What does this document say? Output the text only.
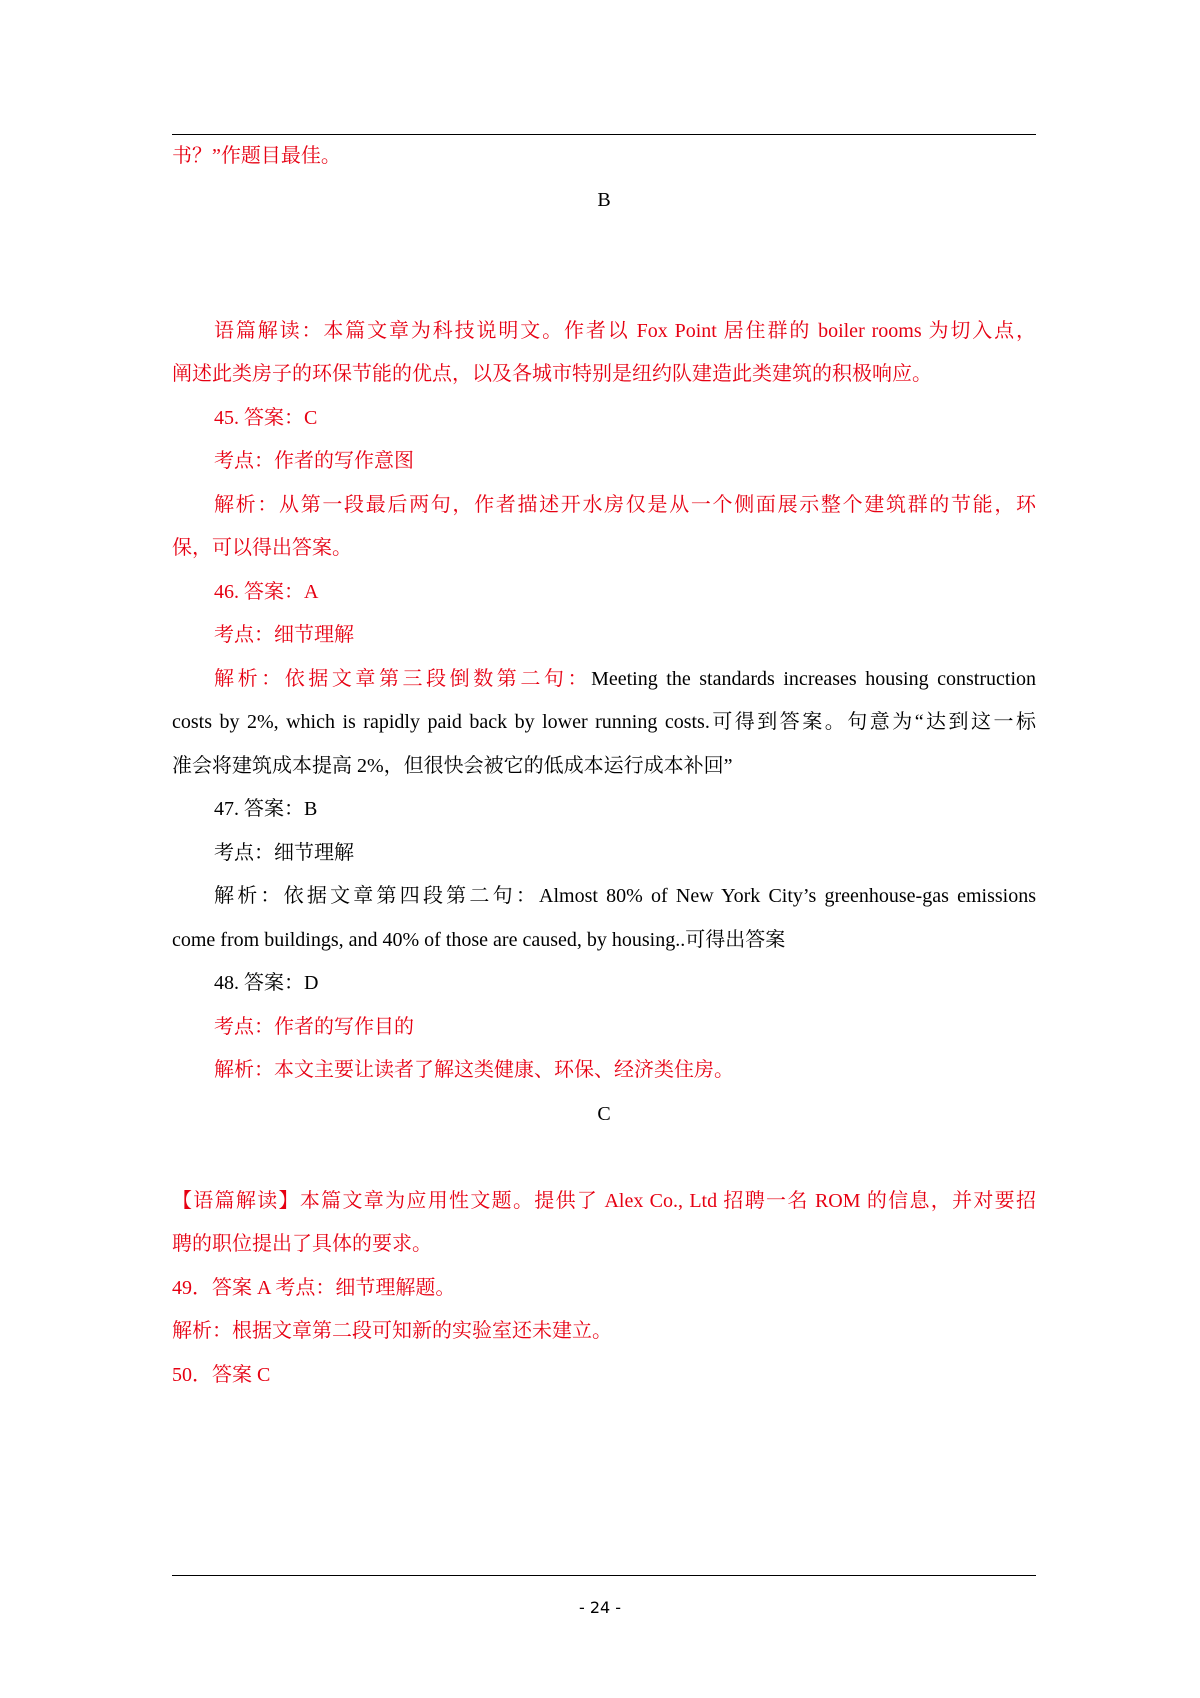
书？”作题目最佳。
B
语篇解读：本篇文章为科技说明文。作者以 Fox Point 居住群的 boiler rooms 为切入点，
阐述此类房子的环保节能的优点，以及各城市特别是纽约队建造此类建筑的积极响应。
45. 答案：C
考点：作者的写作意图
解析：从第一段最后两句，作者描述开水房仅是从一个侧面展示整个建筑群的节能，环
保，可以得出答案。
46. 答案：A
考点：细节理解
解析：依据文章第三段倒数第二句：Meeting the standards increases housing construction
costs by 2%, which is rapidly paid back by lower running costs.可得到答案。句意为“达到这一标
准会将建筑成本提高 2%，但很快会被它的低成本运行成本补回”
47. 答案：B
考点：细节理解
解析：依据文章第四段第二句：Almost 80% of New York City’s greenhouse-gas emissions
come from buildings, and 40% of those are caused, by housing..可得出答案
48. 答案：D
考点：作者的写作目的
解析：本文主要让读者了解这类健康、环保、经济类住房。
C
【语篇解读】本篇文章为应用性文题。提供了 Alex Co., Ltd 招聘一名 ROM 的信息，并对要招
聘的职位提出了具体的要求。
49．答案 A 考点：细节理解题。
解析：根据文章第二段可知新的实验室还未建立。
50．答案 C
- 24 -
